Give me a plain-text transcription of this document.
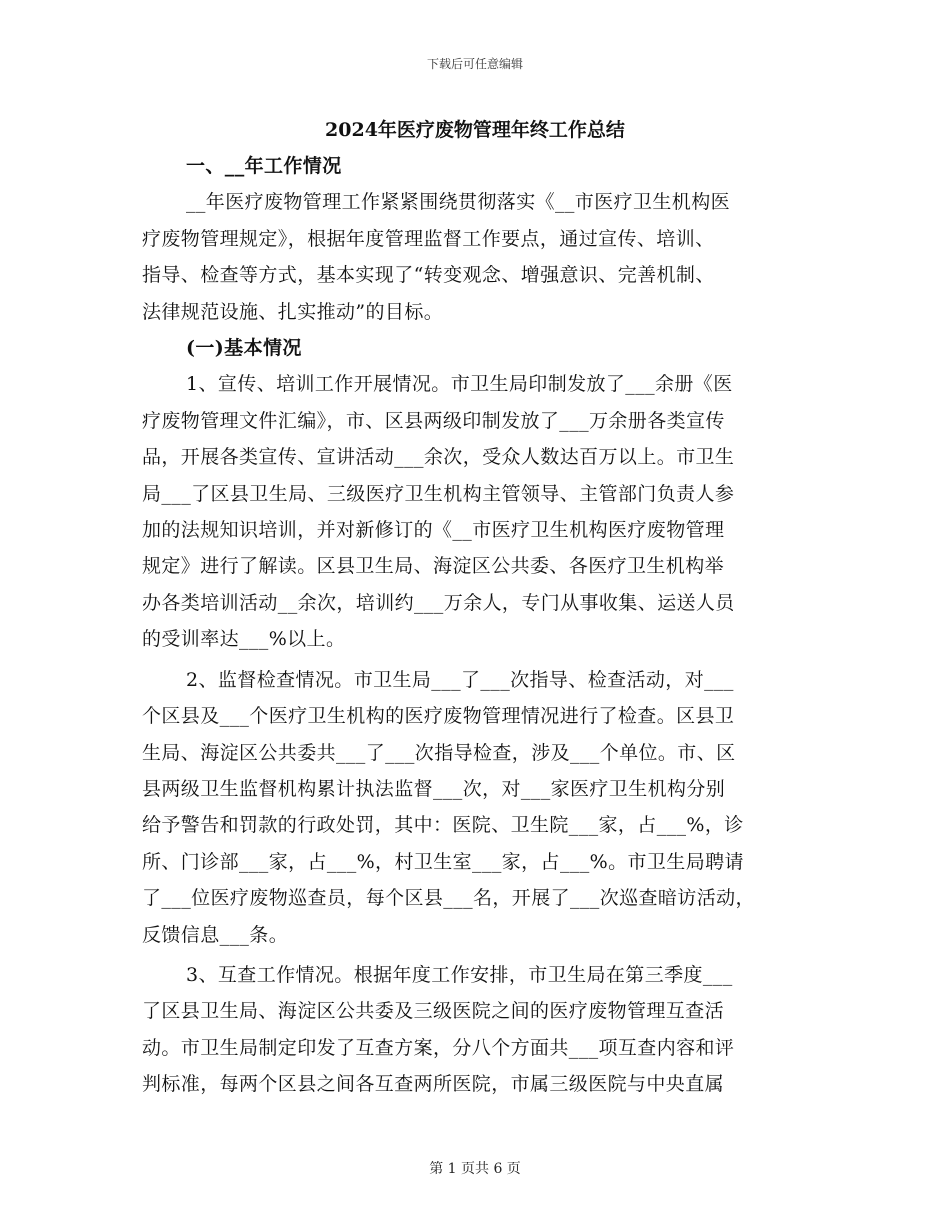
下载后可任意编辑
2024年医疗废物管理年终工作总结
一、__年工作情况
__年医疗废物管理工作紧紧围绕贯彻落实《__市医疗卫生机构医
疗废物管理规定》，根据年度管理监督工作要点，通过宣传、培训、
指导、检查等方式，基本实现了“转变观念、增强意识、完善机制、
法律规范设施、扎实推动”的目标。
(一)基本情况
1、宣传、培训工作开展情况。市卫生局印制发放了___余册《医
疗废物管理文件汇编》，市、区县两级印制发放了___万余册各类宣传
品，开展各类宣传、宣讲活动___余次，受众人数达百万以上。市卫生
局___了区县卫生局、三级医疗卫生机构主管领导、主管部门负责人参
加的法规知识培训，并对新修订的《__市医疗卫生机构医疗废物管理
规定》进行了解读。区县卫生局、海淀区公共委、各医疗卫生机构举
办各类培训活动__余次，培训约___万余人，专门从事收集、运送人员
的受训率达___%以上。
2、监督检查情况。市卫生局___了___次指导、检查活动，对___
个区县及___个医疗卫生机构的医疗废物管理情况进行了检查。区县卫
生局、海淀区公共委共___了___次指导检查，涉及___个单位。市、区
县两级卫生监督机构累计执法监督___次，对___家医疗卫生机构分别
给予警告和罚款的行政处罚，其中：医院、卫生院___家，占___%，诊
所、门诊部___家，占___%，村卫生室___家，占___%。市卫生局聘请
了___位医疗废物巡查员，每个区县___名，开展了___次巡查暗访活动，
反馈信息___条。
3、互查工作情况。根据年度工作安排，市卫生局在第三季度___
了区县卫生局、海淀区公共委及三级医院之间的医疗废物管理互查活
动。市卫生局制定印发了互查方案，分八个方面共___项互查内容和评
判标准，每两个区县之间各互查两所医院，市属三级医院与中央直属
第 1 页共 6 页
